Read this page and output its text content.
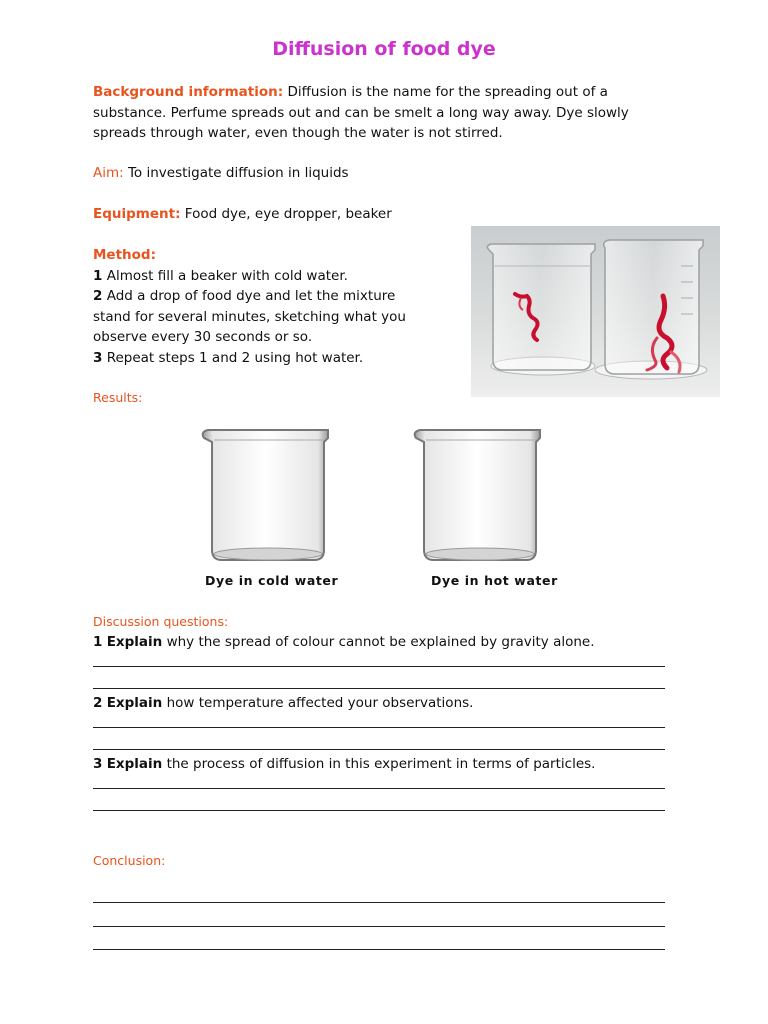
Diffusion of food dye
Background information: Diffusion is the name for the spreading out of a
substance. Perfume spreads out and can be smelt a long way away. Dye slowly
spreads through water, even though the water is not stirred.
Aim: To investigate diffusion in liquids
Equipment: Food dye, eye dropper, beaker
Method:
1 Almost fill a beaker with cold water.
2 Add a drop of food dye and let the mixture
stand for several minutes, sketching what you
observe every 30 seconds or so.
3 Repeat steps 1 and 2 using hot water.
Results:
Dye in cold water	Dye in hot water
Discussion questions:
1 Explain why the spread of colour cannot be explained by gravity alone.
2 Explain how temperature affected your observations.
3 Explain the process of diffusion in this experiment in terms of particles.
Conclusion:
